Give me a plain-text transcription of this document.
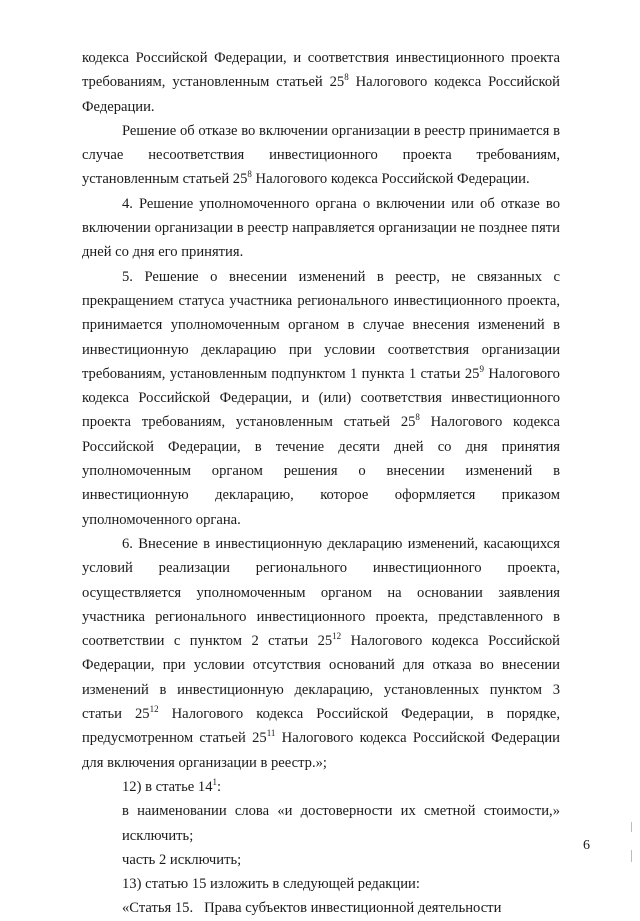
кодекса Российской Федерации, и соответствия инвестиционного проекта требованиям, установленным статьей $25^8$ Налогового кодекса Российской Федерации.

Решение об отказе во включении организации в реестр принимается в случае несоответствия инвестиционного проекта требованиям, установленным статьей $25^8$ Налогового кодекса Российской Федерации.

4. Решение уполномоченного органа о включении или об отказе во включении организации в реестр направляется организации не позднее пяти дней со дня его принятия.

5. Решение о внесении изменений в реестр, не связанных с прекращением статуса участника регионального инвестиционного проекта, принимается уполномоченным органом в случае внесения изменений в инвестиционную декларацию при условии соответствия организации требованиям, установленным подпунктом 1 пункта 1 статьи $25^9$ Налогового кодекса Российской Федерации, и (или) соответствия инвестиционного проекта требованиям, установленным статьей $25^8$ Налогового кодекса Российской Федерации, в течение десяти дней со дня принятия уполномоченным органом решения о внесении изменений в инвестиционную декларацию, которое оформляется приказом уполномоченного органа.

6. Внесение в инвестиционную декларацию изменений, касающихся условий реализации регионального инвестиционного проекта, осуществляется уполномоченным органом на основании заявления участника регионального инвестиционного проекта, представленного в соответствии с пунктом 2 статьи $25^{12}$ Налогового кодекса Российской Федерации, при условии отсутствия оснований для отказа во внесении изменений в инвестиционную декларацию, установленных пунктом 3 статьи $25^{12}$ Налогового кодекса Российской Федерации, в порядке, предусмотренном статьей $25^{11}$ Налогового кодекса Российской Федерации для включения организации в реестр.»;

12) в статье $14^1$:

в наименовании слова «и достоверности их сметной стоимости,» исключить;

часть 2 исключить;

13) статью 15 изложить в следующей редакции:

«Статья 15.   Права субъектов инвестиционной деятельности

6
